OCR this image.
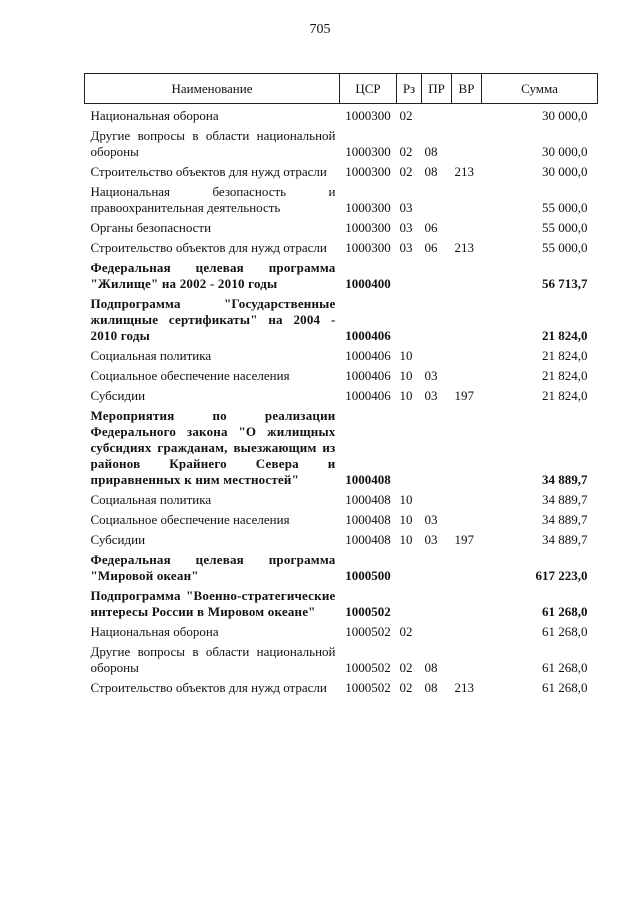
705
Наименование	ЦСР	Рз	ПР	ВР	Сумма
Национальная оборона	1000300	02			30 000,0
Другие вопросы в области национальной обороны	1000300	02	08		30 000,0
Строительство объектов для нужд отрасли	1000300	02	08	213	30 000,0
Национальная безопасность и правоохранительная деятельность	1000300	03			55 000,0
Органы безопасности	1000300	03	06		55 000,0
Строительство объектов для нужд отрасли	1000300	03	06	213	55 000,0
Федеральная целевая программа "Жилище" на 2002 - 2010 годы	1000400				56 713,7
Подпрограмма "Государственные жилищные сертификаты" на 2004 - 2010 годы	1000406				21 824,0
Социальная политика	1000406	10			21 824,0
Социальное обеспечение населения	1000406	10	03		21 824,0
Субсидии	1000406	10	03	197	21 824,0
Мероприятия по реализации Федерального закона "О жилищных субсидиях гражданам, выезжающим из районов Крайнего Севера и приравненных к ним местностей"	1000408				34 889,7
Социальная политика	1000408	10			34 889,7
Социальное обеспечение населения	1000408	10	03		34 889,7
Субсидии	1000408	10	03	197	34 889,7
Федеральная целевая программа "Мировой океан"	1000500				617 223,0
Подпрограмма "Военно-стратегические интересы России в Мировом океане"	1000502				61 268,0
Национальная оборона	1000502	02			61 268,0
Другие вопросы в области национальной обороны	1000502	02	08		61 268,0
Строительство объектов для нужд отрасли	1000502	02	08	213	61 268,0
